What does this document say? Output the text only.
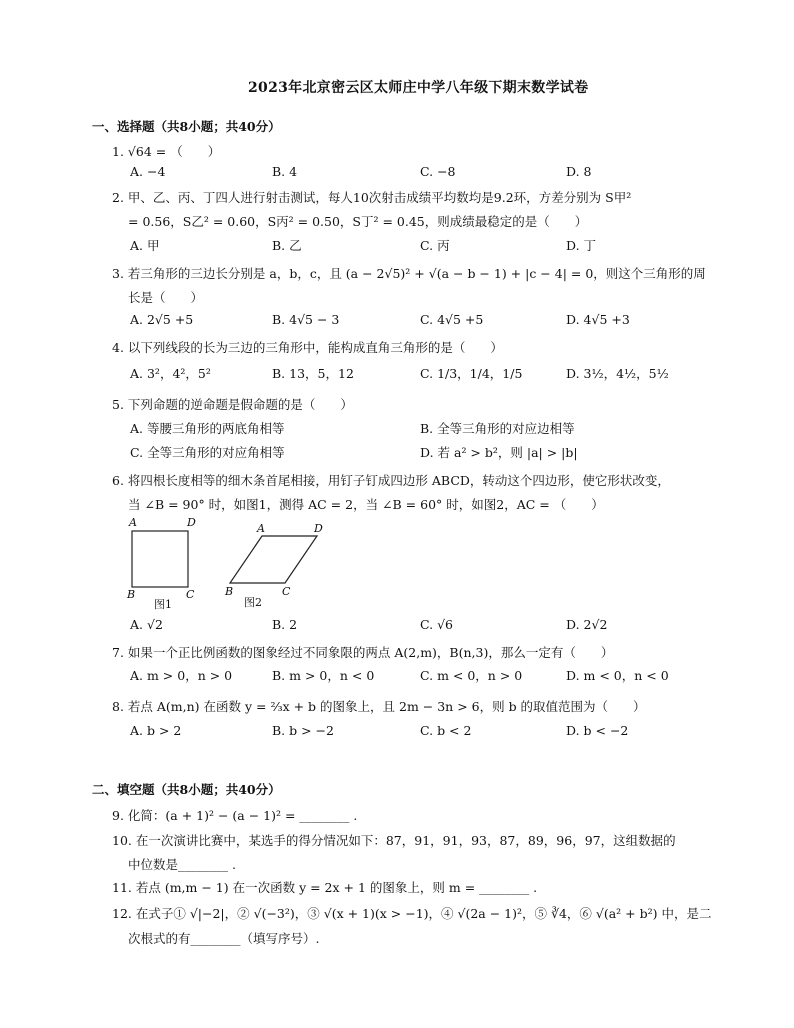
2023年北京密云区太师庄中学八年级下期末数学试卷
一、选择题（共8小题；共40分）
1. √64 = （　　）
A. −4	B. 4	C. −8	D. 8
2. 甲、乙、丙、丁四人进行射击测试，每人10次射击成绩平均数均是9.2环，方差分别为 S甲²
= 0.56，S乙² = 0.60，S丙² = 0.50，S丁² = 0.45，则成绩最稳定的是（　　）
A. 甲	B. 乙	C. 丙	D. 丁
3. 若三角形的三边长分别是 a，b，c，且 (a − 2√5)² + √(a − b − 1) + |c − 4| = 0，则这个三角形的周
长是（　　）
A. 2√5 +5	B. 4√5 − 3	C. 4√5 +5	D. 4√5 +3
4. 以下列线段的长为三边的三角形中，能构成直角三角形的是（　　）
A. 3²，4²，5²	B. 13，5，12	C. 1/3，1/4，1/5	D. 3½，4½，5½
5. 下列命题的逆命题是假命题的是（　　）
A. 等腰三角形的两底角相等	B. 全等三角形的对应边相等
C. 全等三角形的对应角相等	D. 若 a² > b²，则 |a| > |b|
6. 将四根长度相等的细木条首尾相接，用钉子钉成四边形 ABCD，转动这个四边形，使它形状改变，
当 ∠B = 90° 时，如图1，测得 AC = 2，当 ∠B = 60° 时，如图2，AC = （　　）
A	D
B	C
图1
A	D
B	C
图2
A. √2	B. 2	C. √6	D. 2√2
7. 如果一个正比例函数的图象经过不同象限的两点 A(2,m)，B(n,3)，那么一定有（　　）
A. m > 0，n > 0	B. m > 0，n < 0	C. m < 0，n > 0	D. m < 0，n < 0
8. 若点 A(m,n) 在函数 y = ⅔x + b 的图象上，且 2m − 3n > 6，则 b 的取值范围为（　　）
A. b > 2	B. b > −2	C. b < 2	D. b < −2
二、填空题（共8小题；共40分）
9. 化简：(a + 1)² − (a − 1)² = ________ .
10. 在一次演讲比赛中，某选手的得分情况如下：87，91，91，93，87，89，96，97，这组数据的
中位数是________ .
11. 若点 (m,m − 1) 在一次函数 y = 2x + 1 的图象上，则 m = ________ .
12. 在式子① √|−2|，② √(−3²)，③ √(x + 1)(x > −1)，④ √(2a − 1)²，⑤ ∛4，⑥ √(a² + b²) 中，是二
次根式的有________（填写序号）.
